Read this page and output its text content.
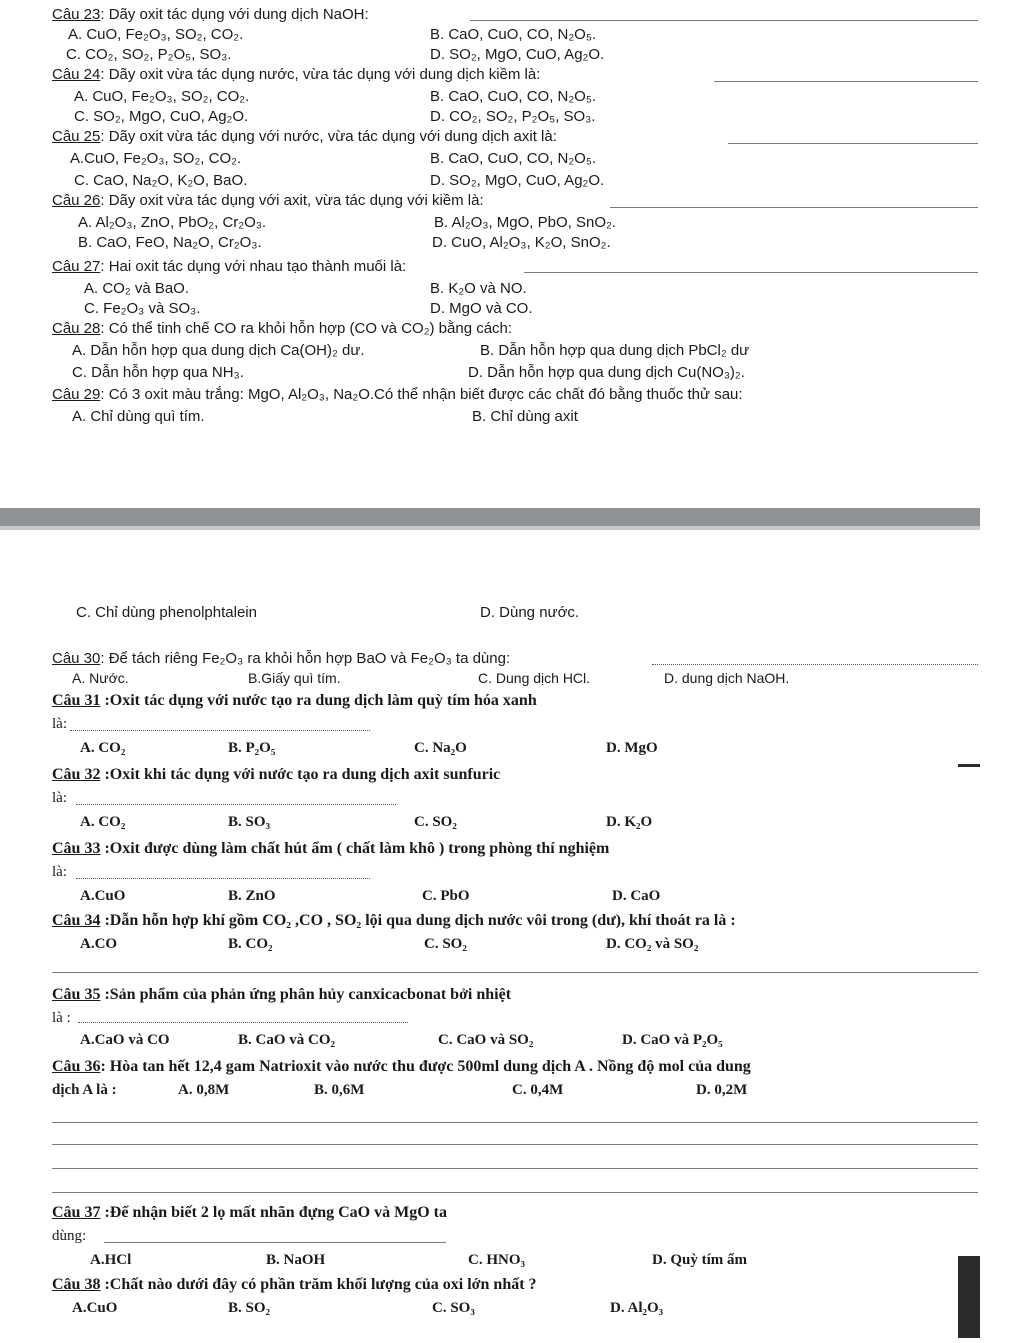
Câu 23: Dãy oxit tác dụng với dung dịch NaOH:
A. CuO, Fe₂O₃, SO₂, CO₂.	B. CaO, CuO, CO, N₂O₅.
C. CO₂, SO₂, P₂O₅, SO₃.	D. SO₂, MgO, CuO, Ag₂O.
Câu 24: Dãy oxit vừa tác dụng nước, vừa tác dụng với dung dịch kiềm là:
A. CuO, Fe₂O₃, SO₂, CO₂.	B. CaO, CuO, CO, N₂O₅.
C. SO₂, MgO, CuO, Ag₂O.	D. CO₂, SO₂, P₂O₅, SO₃.
Câu 25: Dãy oxit vừa tác dụng với nước, vừa tác dụng với dung dịch axit là:
A.CuO, Fe₂O₃, SO₂, CO₂.	B. CaO, CuO, CO, N₂O₅.
C. CaO, Na₂O, K₂O, BaO.	D. SO₂, MgO, CuO, Ag₂O.
Câu 26: Dãy oxit vừa tác dụng với axit, vừa tác dụng với kiềm là:
A. Al₂O₃, ZnO, PbO₂, Cr₂O₃.	B. Al₂O₃, MgO, PbO, SnO₂.
B. CaO, FeO, Na₂O, Cr₂O₃.	D. CuO, Al₂O₃, K₂O, SnO₂.
Câu 27: Hai oxit tác dụng với nhau tạo thành muối là:
A. CO₂ và BaO.	B. K₂O và NO.
C. Fe₂O₃ và SO₃.	D. MgO và CO.
Câu 28: Có thể tinh chế CO ra khỏi hỗn hợp (CO và CO₂) bằng cách:
A. Dẫn hỗn hợp qua dung dịch Ca(OH)₂ dư.	B. Dẫn hỗn hợp qua dung dịch PbCl₂ dư
C. Dẫn hỗn hợp qua NH₃.	D. Dẫn hỗn hợp qua dung dịch Cu(NO₃)₂.
Câu 29: Có 3 oxit màu trắng: MgO, Al₂O₃, Na₂O.Có thể nhận biết được các chất đó bằng thuốc thử sau:
A. Chỉ dùng quì tím.	B. Chỉ dùng axit
C. Chỉ dùng phenolphtalein	D. Dùng nước.
Câu 30: Để tách riêng Fe₂O₃ ra khỏi hỗn hợp BaO và Fe₂O₃ ta dùng:
A. Nước.	B.Giấy quì tím.	C. Dung dịch HCl.	D. dung dịch NaOH.
Câu 31 :Oxit tác dụng với nước tạo ra dung dịch làm quỳ tím hóa xanh
là:
A. CO₂	B. P₂O₅	C. Na₂O	D. MgO
Câu 32 :Oxit khi tác dụng với nước tạo ra dung dịch axit sunfuric
là:
A. CO₂	B. SO₃	C. SO₂	D. K₂O
Câu 33 :Oxit được dùng làm chất hút ẩm ( chất làm khô ) trong phòng thí nghiệm
là:
A.CuO	B. ZnO	C. PbO	D. CaO
Câu 34 :Dẫn hỗn hợp khí gồm CO₂ ,CO , SO₂ lội qua dung dịch nước vôi trong (dư), khí thoát ra là :
A.CO	B. CO₂	C. SO₂	D. CO₂ và SO₂
Câu 35 :Sản phẩm của phản ứng phân hủy canxicacbonat bởi nhiệt
là :
A.CaO và CO	B. CaO và CO₂	C. CaO và SO₂	D. CaO và P₂O₅
Câu 36: Hòa tan hết 12,4 gam Natrioxit vào nước thu được 500ml dung dịch A . Nồng độ mol của dung
dịch A là :	A. 0,8M	B. 0,6M	C. 0,4M	D. 0,2M
Câu 37 :Để nhận biết 2 lọ mất nhãn đựng CaO và MgO ta
dùng:
A.HCl	B. NaOH	C. HNO₃	D. Quỳ tím ẩm
Câu 38 :Chất nào dưới đây có phần trăm khối lượng của oxi lớn nhất ?
A.CuO	B. SO₂	C. SO₃	D. Al₂O₃
